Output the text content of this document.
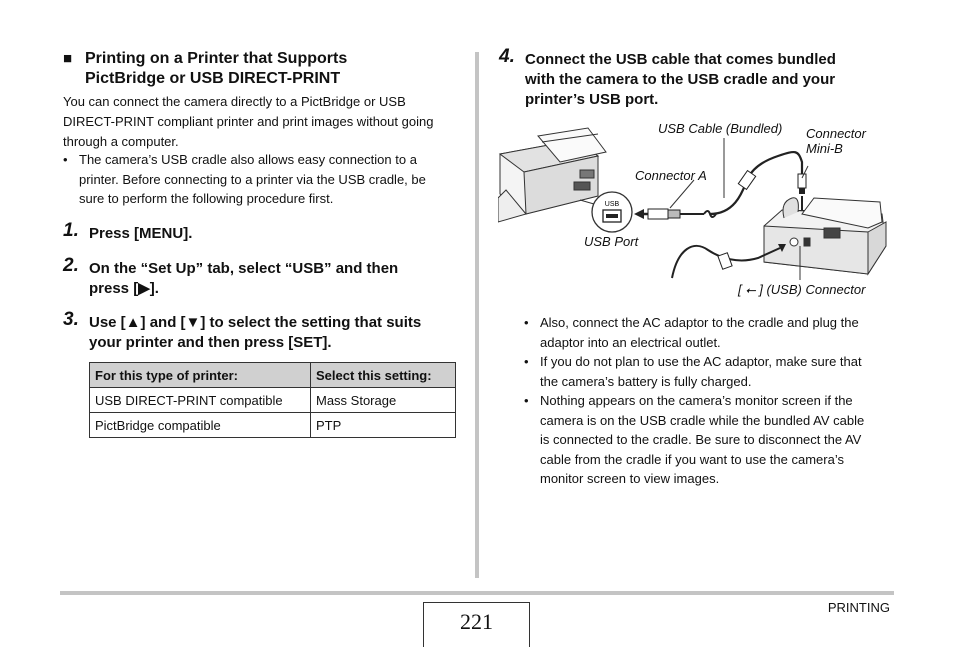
■ Printing on a Printer that Supports
PictBridge or USB DIRECT-PRINT
You can connect the camera directly to a PictBridge or USB
DIRECT-PRINT compliant printer and print images without going
through a computer.
• The camera’s USB cradle also allows easy connection to a
printer. Before connecting to a printer via the USB cradle, be
sure to perform the following procedure first.
1. Press [MENU].
2. On the “Set Up” tab, select “USB” and then
press [▶].
3. Use [▲] and [▼] to select the setting that suits
your printer and then press [SET].
For this type of printer:	Select this setting:
USB DIRECT-PRINT compatible	Mass Storage
PictBridge compatible	PTP
4. Connect the USB cable that comes bundled
with the camera to the USB cradle and your
printer’s USB port.
USB
USB Cable (Bundled) Connector
Mini-B
Connector A
USB Port
[ ⭠ ] (USB) Connector
• Also, connect the AC adaptor to the cradle and plug the
adaptor into an electrical outlet.
• If you do not plan to use the AC adaptor, make sure that
the camera’s battery is fully charged.
• Nothing appears on the camera’s monitor screen if the
camera is on the USB cradle while the bundled AV cable
is connected to the cradle. Be sure to disconnect the AV
cable from the cradle if you want to use the camera’s
monitor screen to view images.
221
PRINTING
